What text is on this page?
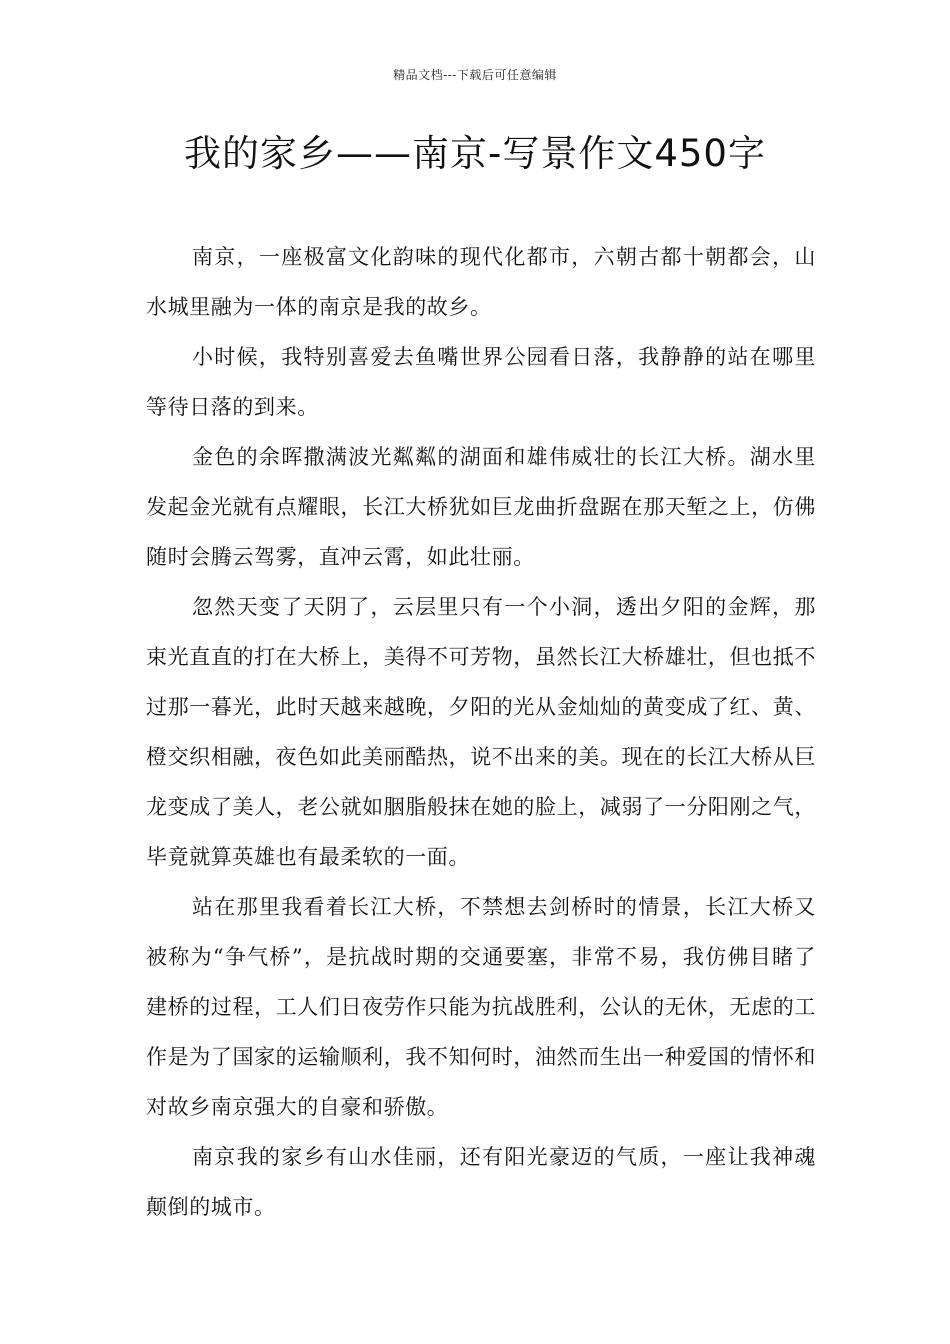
精品文档---下载后可任意编辑
我的家乡——南京-写景作文450字

南京，一座极富文化韵味的现代化都市，六朝古都十朝都会，山水城里融为一体的南京是我的故乡。

小时候，我特别喜爱去鱼嘴世界公园看日落，我静静的站在哪里等待日落的到来。

金色的余晖撒满波光粼粼的湖面和雄伟威壮的长江大桥。湖水里发起金光就有点耀眼，长江大桥犹如巨龙曲折盘踞在那天堑之上，仿佛随时会腾云驾雾，直冲云霄，如此壮丽。

忽然天变了天阴了，云层里只有一个小洞，透出夕阳的金辉，那束光直直的打在大桥上，美得不可芳物，虽然长江大桥雄壮，但也抵不过那一暮光，此时天越来越晚，夕阳的光从金灿灿的黄变成了红、黄、橙交织相融，夜色如此美丽酷热，说不出来的美。现在的长江大桥从巨龙变成了美人，老公就如胭脂般抹在她的脸上，减弱了一分阳刚之气，毕竟就算英雄也有最柔软的一面。

站在那里我看着长江大桥，不禁想去剑桥时的情景，长江大桥又被称为“争气桥”，是抗战时期的交通要塞，非常不易，我仿佛目睹了建桥的过程，工人们日夜劳作只能为抗战胜利，公认的无休，无虑的工作是为了国家的运输顺利，我不知何时，油然而生出一种爱国的情怀和对故乡南京强大的自豪和骄傲。

南京我的家乡有山水佳丽，还有阳光豪迈的气质，一座让我神魂颠倒的城市。
